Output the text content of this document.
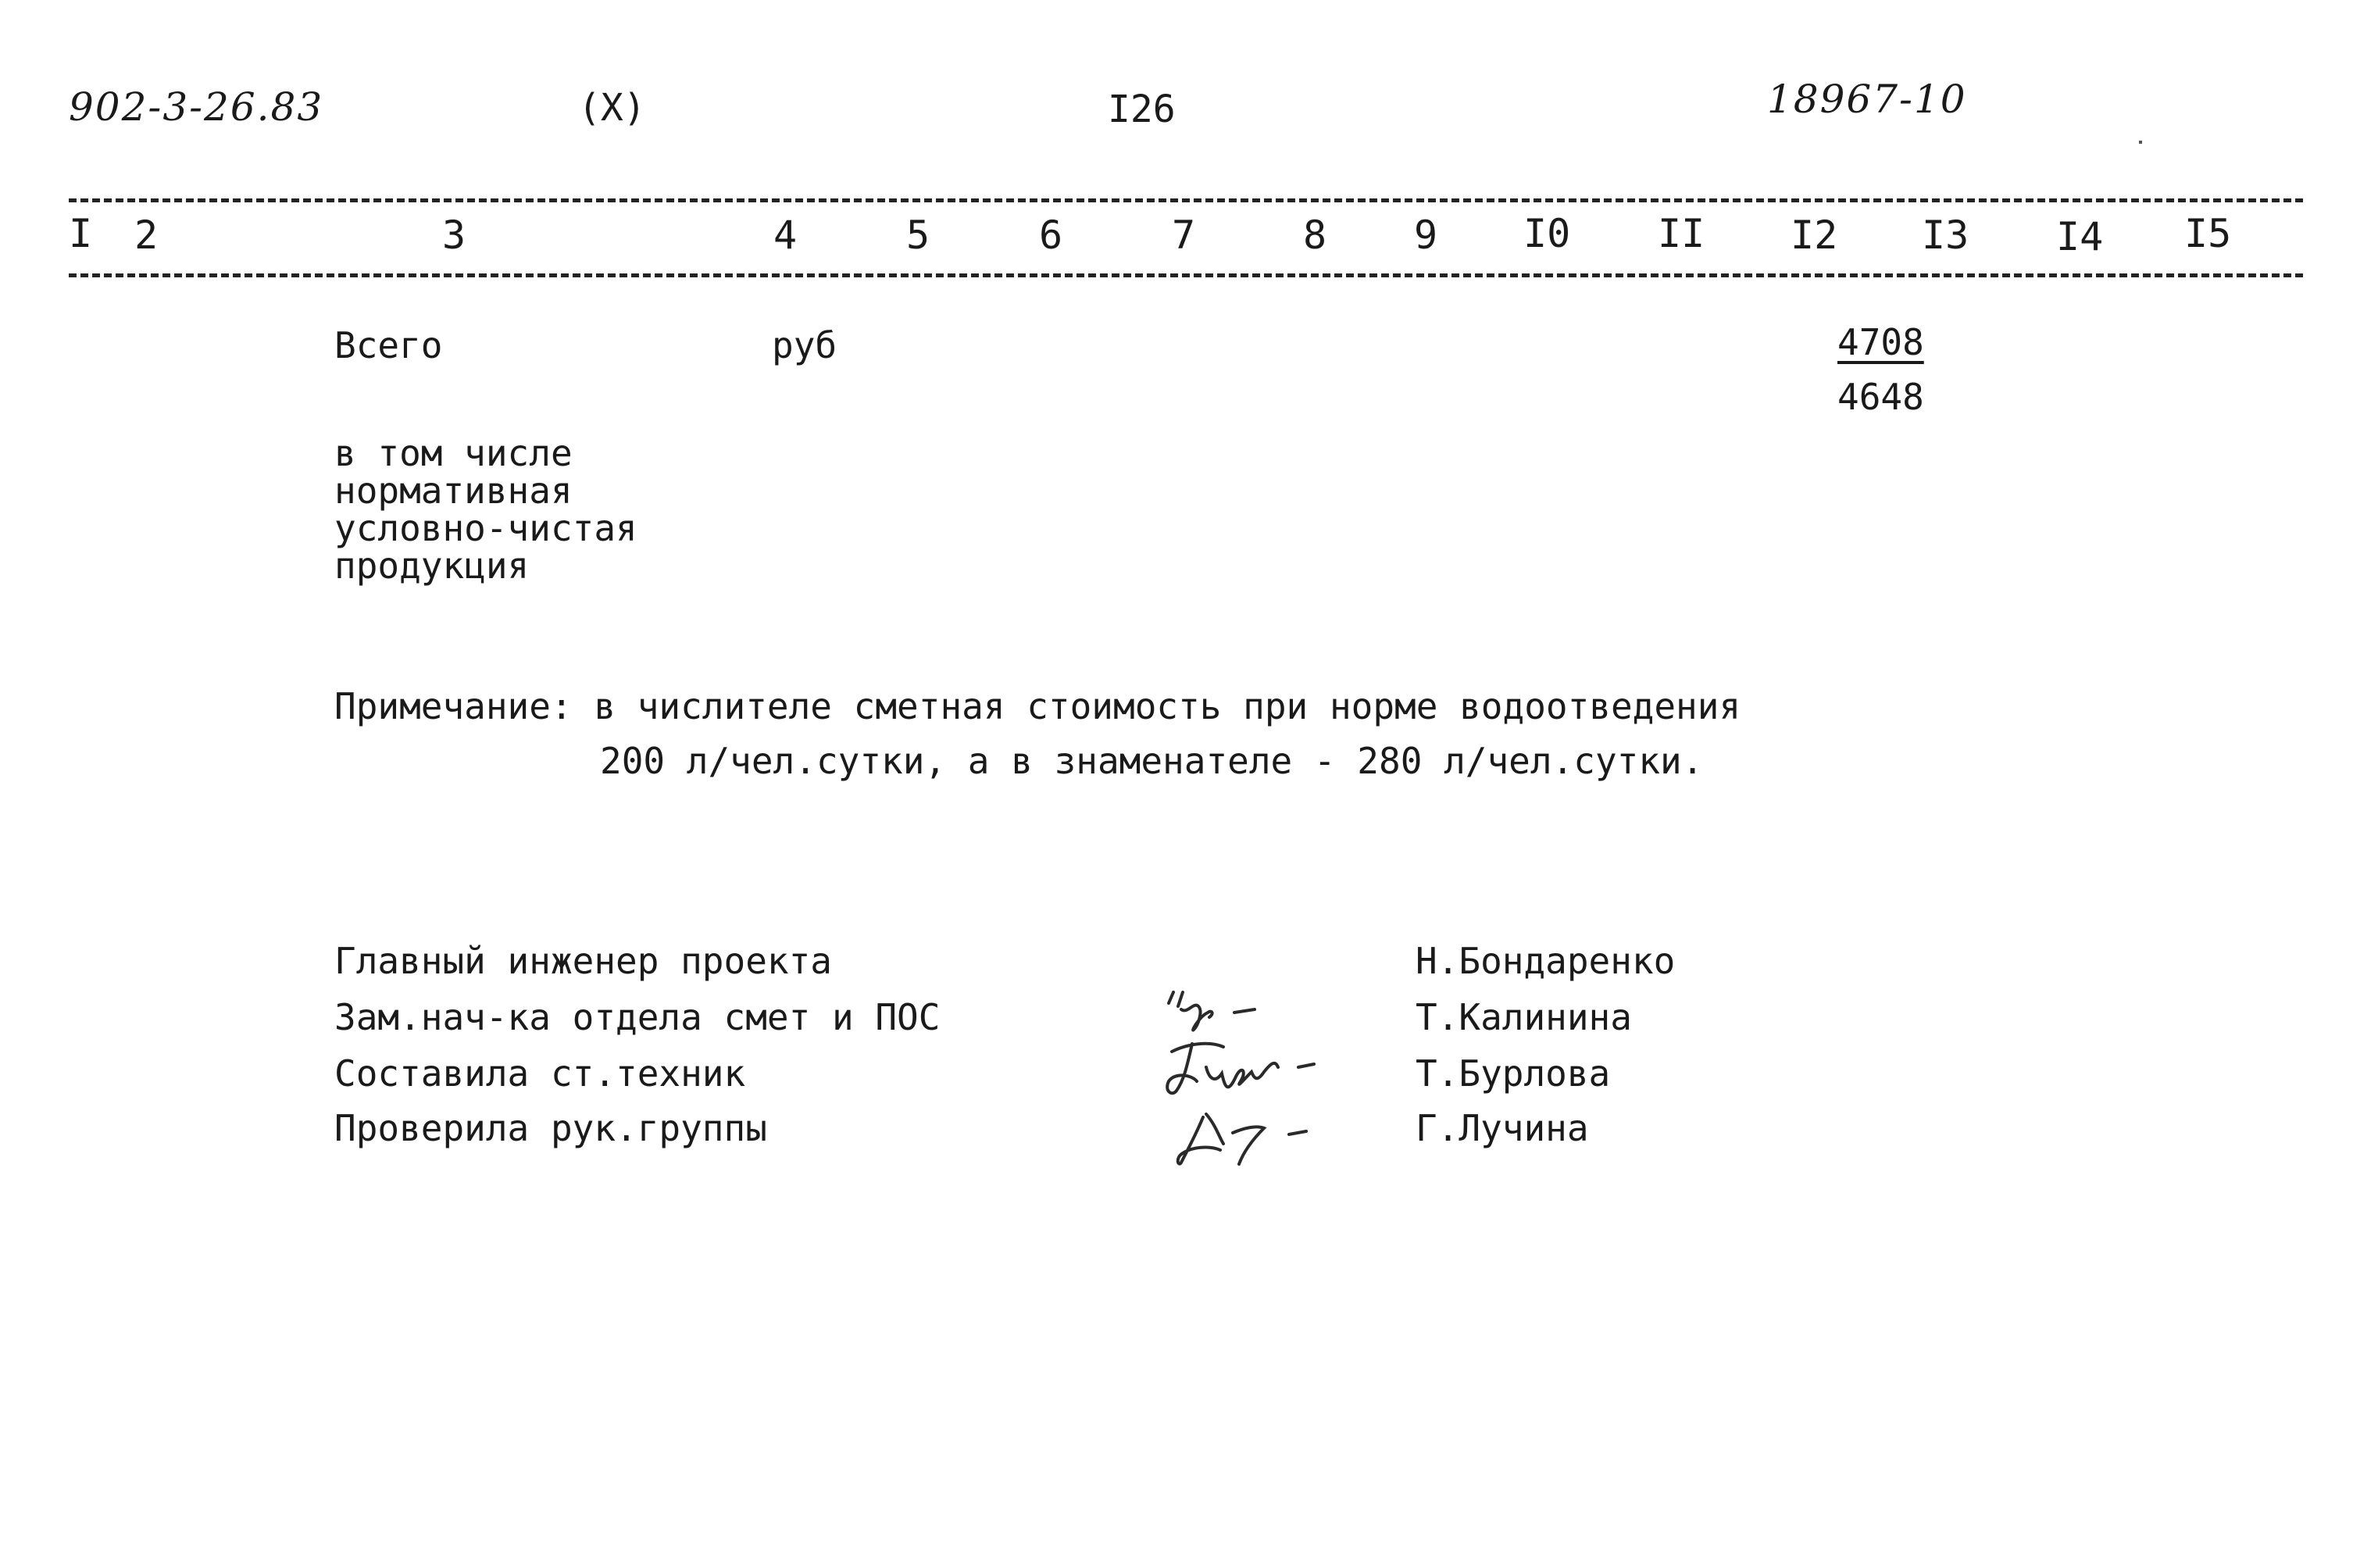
902-3-26.83	(X)	I26	18967-10
I 2	3	4	5	6	7	8 9 I0 II I2 I3 I4 I5
Всего	руб	4708
4648
в том числе
нормативная
условно-чистая
продукция
Примечание: в числителе сметная стоимость при норме водоотведения
200 л/чел.сутки, а в знаменателе - 280 л/чел.сутки.
Главный инженер проекта	Н.Бондаренко
Зам.нач-ка отдела смет и ПОС	Т.Калинина
Составила ст.техник	Т.Бурлова
Проверила рук.группы	Г.Лучина
